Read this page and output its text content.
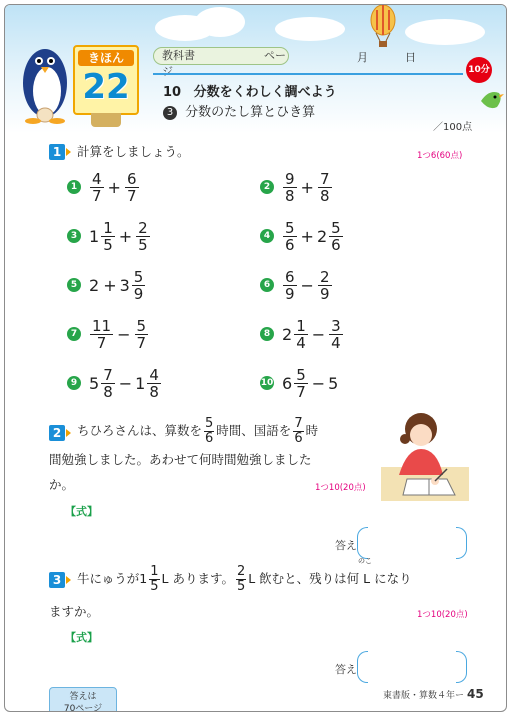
きほん
22
教科書	ページ
月	日
10 分数をくわしく調べよう
3 分数のたし算とひき算
10分
／100点
1	計算をしましょう。	1つ6(60点)
$1 \frac{4}{7} + \frac{6}{7}$	$2 \frac{9}{8} + \frac{7}{8}$
3 $1 \frac{1}{5} + \frac{2}{5}$	$4 \frac{5}{6} + 2 \frac{5}{6}$
5 $2 + 3 \frac{5}{9}$	$6 \frac{6}{9} - \frac{2}{9}$
$7 \frac{11}{7} - \frac{5}{7}$	8 $2 \frac{1}{4} - \frac{3}{4}$
9 $5 \frac{7}{8} - 1 \frac{4}{8}$	10 $6 \frac{5}{7} - 5$
2	ちひろさんは、算数を $\frac{5}{6}$ 時間、国語を $\frac{7}{6}$ 時
間勉強しました。あわせて何時間勉強しました
か。	1つ10(20点)
【式】
答え
3	牛にゅうが$1 \frac{1}{5}$ L あります。 $\frac{2}{5}$ L 飲むと、残りは何 L になり
のこ
ますか。	1つ10(20点)
【式】
答え
答えは
70ページ
東書版・算数４年ー 45
